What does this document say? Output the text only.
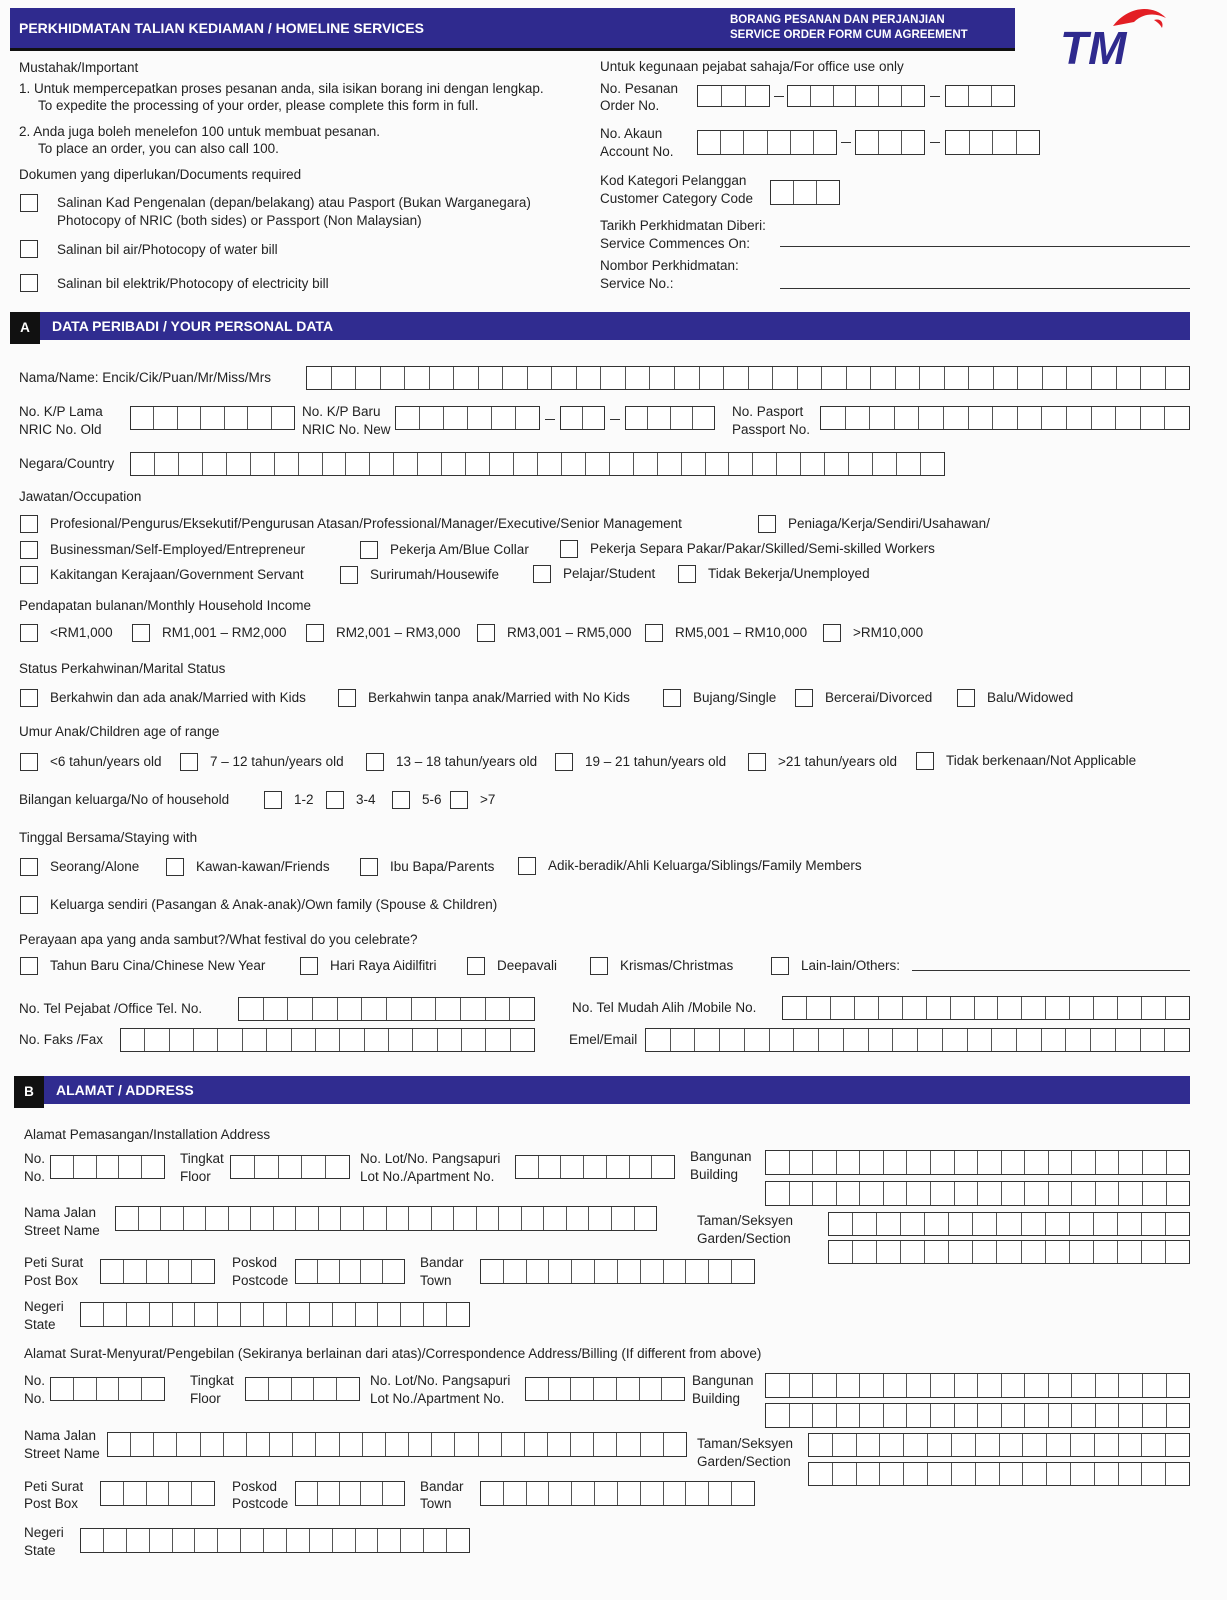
PERKHIDMATAN TALIAN KEDIAMAN / HOMELINE SERVICES	BORANG PESANAN DAN PERJANJIAN
SERVICE ORDER FORM CUM AGREEMENT TM
Mustahak/Important
1. Untuk mempercepatkan proses pesanan anda, sila isikan borang ini dengan lengkap.
To expedite the processing of your order, please complete this form in full.
2. Anda juga boleh menelefon 100 untuk membuat pesanan.
To place an order, you can also call 100.
Dokumen yang diperlukan/Documents required
Salinan Kad Pengenalan (depan/belakang) atau Pasport (Bukan Warganegara)
Photocopy of NRIC (both sides) or Passport (Non Malaysian)
Salinan bil air/Photocopy of water bill
Salinan bil elektrik/Photocopy of electricity bill
Untuk kegunaan pejabat sahaja/For office use only
No. Pesanan
Order No.
No. Akaun
Account No.
Kod Kategori Pelanggan
Customer Category Code
Tarikh Perkhidmatan Diberi:
Service Commences On:
Nombor Perkhidmatan:
Service No.:
A	DATA PERIBADI / YOUR PERSONAL DATA
Nama/Name: Encik/Cik/Puan/Mr/Miss/Mrs
No. K/P Lama
NRIC No. Old
No. K/P Baru
NRIC No. New
No. Pasport
Passport No.
Negara/Country
Jawatan/Occupation
Profesional/Pengurus/Eksekutif/Pengurusan Atasan/Professional/Manager/Executive/Senior Management	Peniaga/Kerja/Sendiri/Usahawan/
Businessman/Self-Employed/Entrepreneur	Pekerja Am/Blue Collar	Pekerja Separa Pakar/Pakar/Skilled/Semi-skilled Workers
Kakitangan Kerajaan/Government Servant	Surirumah/Housewife	Pelajar/Student	Tidak Bekerja/Unemployed
Pendapatan bulanan/Monthly Household Income
<RM1,000	RM1,001 – RM2,000	RM2,001 – RM3,000	RM3,001 – RM5,000	RM5,001 – RM10,000	>RM10,000
Status Perkahwinan/Marital Status
Berkahwin dan ada anak/Married with Kids	Berkahwin tanpa anak/Married with No Kids	Bujang/Single	Bercerai/Divorced	Balu/Widowed
Umur Anak/Children age of range
<6 tahun/years old	7 – 12 tahun/years old	13 – 18 tahun/years old	19 – 21 tahun/years old	>21 tahun/years old	Tidak berkenaan/Not Applicable
Bilangan keluarga/No of household	1-2	3-4	5-6	>7
Tinggal Bersama/Staying with
Seorang/Alone	Kawan-kawan/Friends	Ibu Bapa/Parents	Adik-beradik/Ahli Keluarga/Siblings/Family Members
Keluarga sendiri (Pasangan & Anak-anak)/Own family (Spouse & Children)
Perayaan apa yang anda sambut?/What festival do you celebrate?
Tahun Baru Cina/Chinese New Year	Hari Raya Aidilfitri	Deepavali	Krismas/Christmas	Lain-lain/Others:
No. Tel Pejabat /Office Tel. No.	No. Tel Mudah Alih /Mobile No.
No. Faks /Fax	Emel/Email
B	ALAMAT / ADDRESS
Alamat Pemasangan/Installation Address
No.
No.
Tingkat
Floor
No. Lot/No. Pangsapuri
Lot No./Apartment No.
Bangunan
Building
Nama Jalan
Street Name
Taman/Seksyen
Garden/Section
Peti Surat
Post Box
Poskod
Postcode
Bandar
Town
Negeri
State
Alamat Surat-Menyurat/Pengebilan (Sekiranya berlainan dari atas)/Correspondence Address/Billing (If different from above)
No.
No.
Tingkat
Floor
No. Lot/No. Pangsapuri
Lot No./Apartment No.
Bangunan
Building
Nama Jalan
Street Name
Taman/Seksyen
Garden/Section
Peti Surat
Post Box
Poskod
Postcode
Bandar
Town
Negeri
State
